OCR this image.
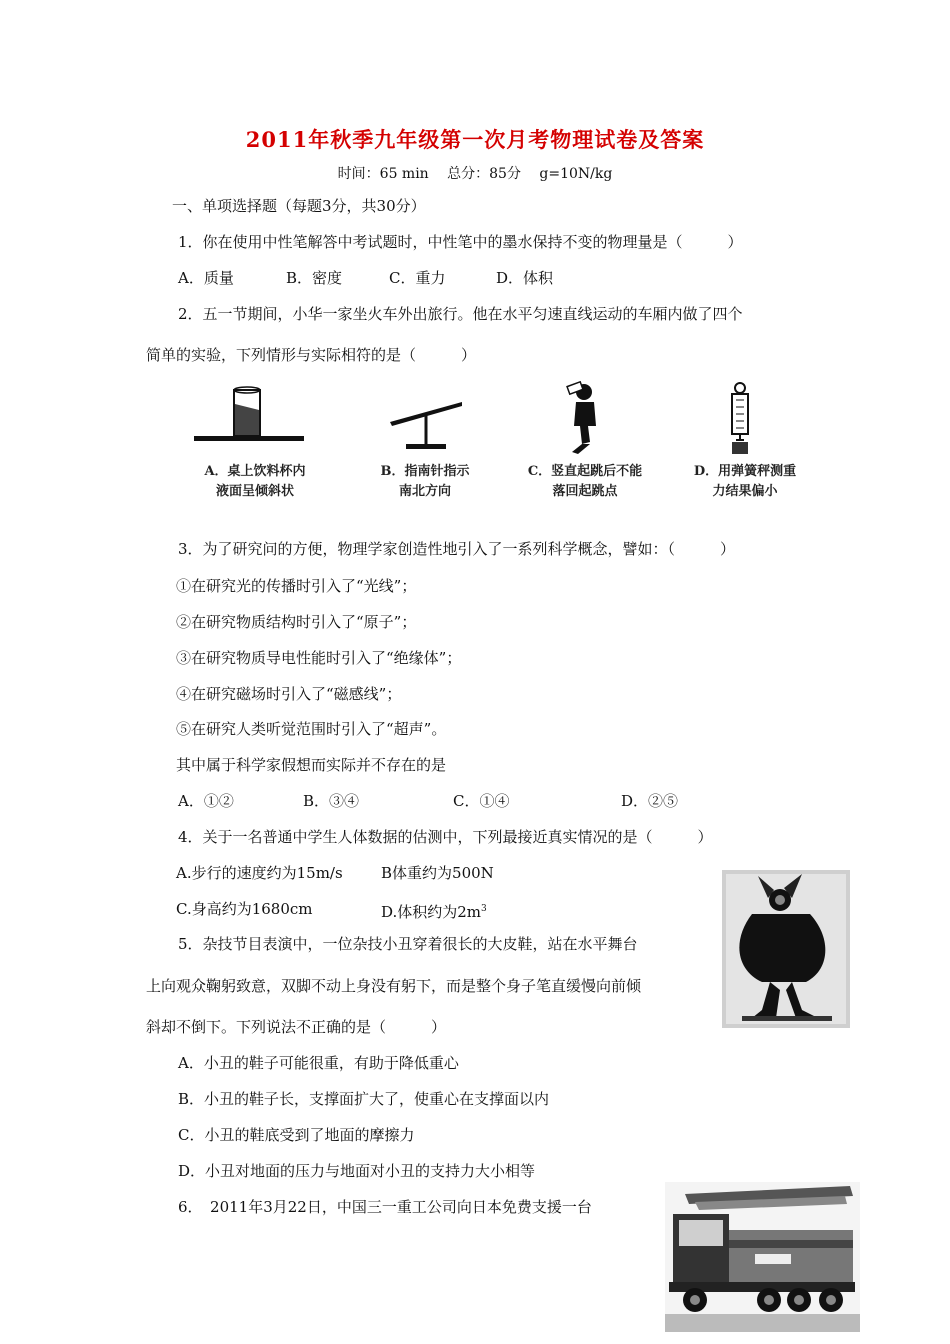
2011年秋季九年级第一次月考物理试卷及答案
时间：65 min　 总分：85分　 g=10N/kg
一、单项选择题（每题3分，共30分）
1．你在使用中性笔解答中考试题时，中性笔中的墨水保持不变的物理量是（　　　）
A．质量	B．密度	C．重力	D．体积
2．五一节期间，小华一家坐火车外出旅行。他在水平匀速直线运动的车厢内做了四个
简单的实验，下列情形与实际相符的是（　　　）
A．桌上饮料杯内
液面呈倾斜状
B．指南针指示
南北方向
C．竖直起跳后不能
落回起跳点
D．用弹簧秤测重
力结果偏小
3．为了研究问的方便，物理学家创造性地引入了一系列科学概念，譬如：（　　　）
①在研究光的传播时引入了“光线”；
②在研究物质结构时引入了“原子”；
③在研究物质导电性能时引入了“绝缘体”；
④在研究磁场时引入了“磁感线”；
⑤在研究人类听觉范围时引入了“超声”。
其中属于科学家假想而实际并不存在的是
A．①②	B．③④	C．①④	D．②⑤
4．关于一名普通中学生人体数据的估测中，下列最接近真实情况的是（　　　）
A.步行的速度约为15m/s	B体重约为500N
C.身高约为1680cm	D.体积约为$2m^3$
5．杂技节目表演中，一位杂技小丑穿着很长的大皮鞋，站在水平舞台
上向观众鞠躬致意，双脚不动上身没有躬下，而是整个身子笔直缓慢向前倾
斜却不倒下。下列说法不正确的是（　　　）
A．小丑的鞋子可能很重，有助于降低重心
B．小丑的鞋子长，支撑面扩大了，使重心在支撑面以内
C．小丑的鞋底受到了地面的摩擦力
D．小丑对地面的压力与地面对小丑的支持力大小相等
6．　2011年3月22日，中国三一重工公司向日本免费支援一台
